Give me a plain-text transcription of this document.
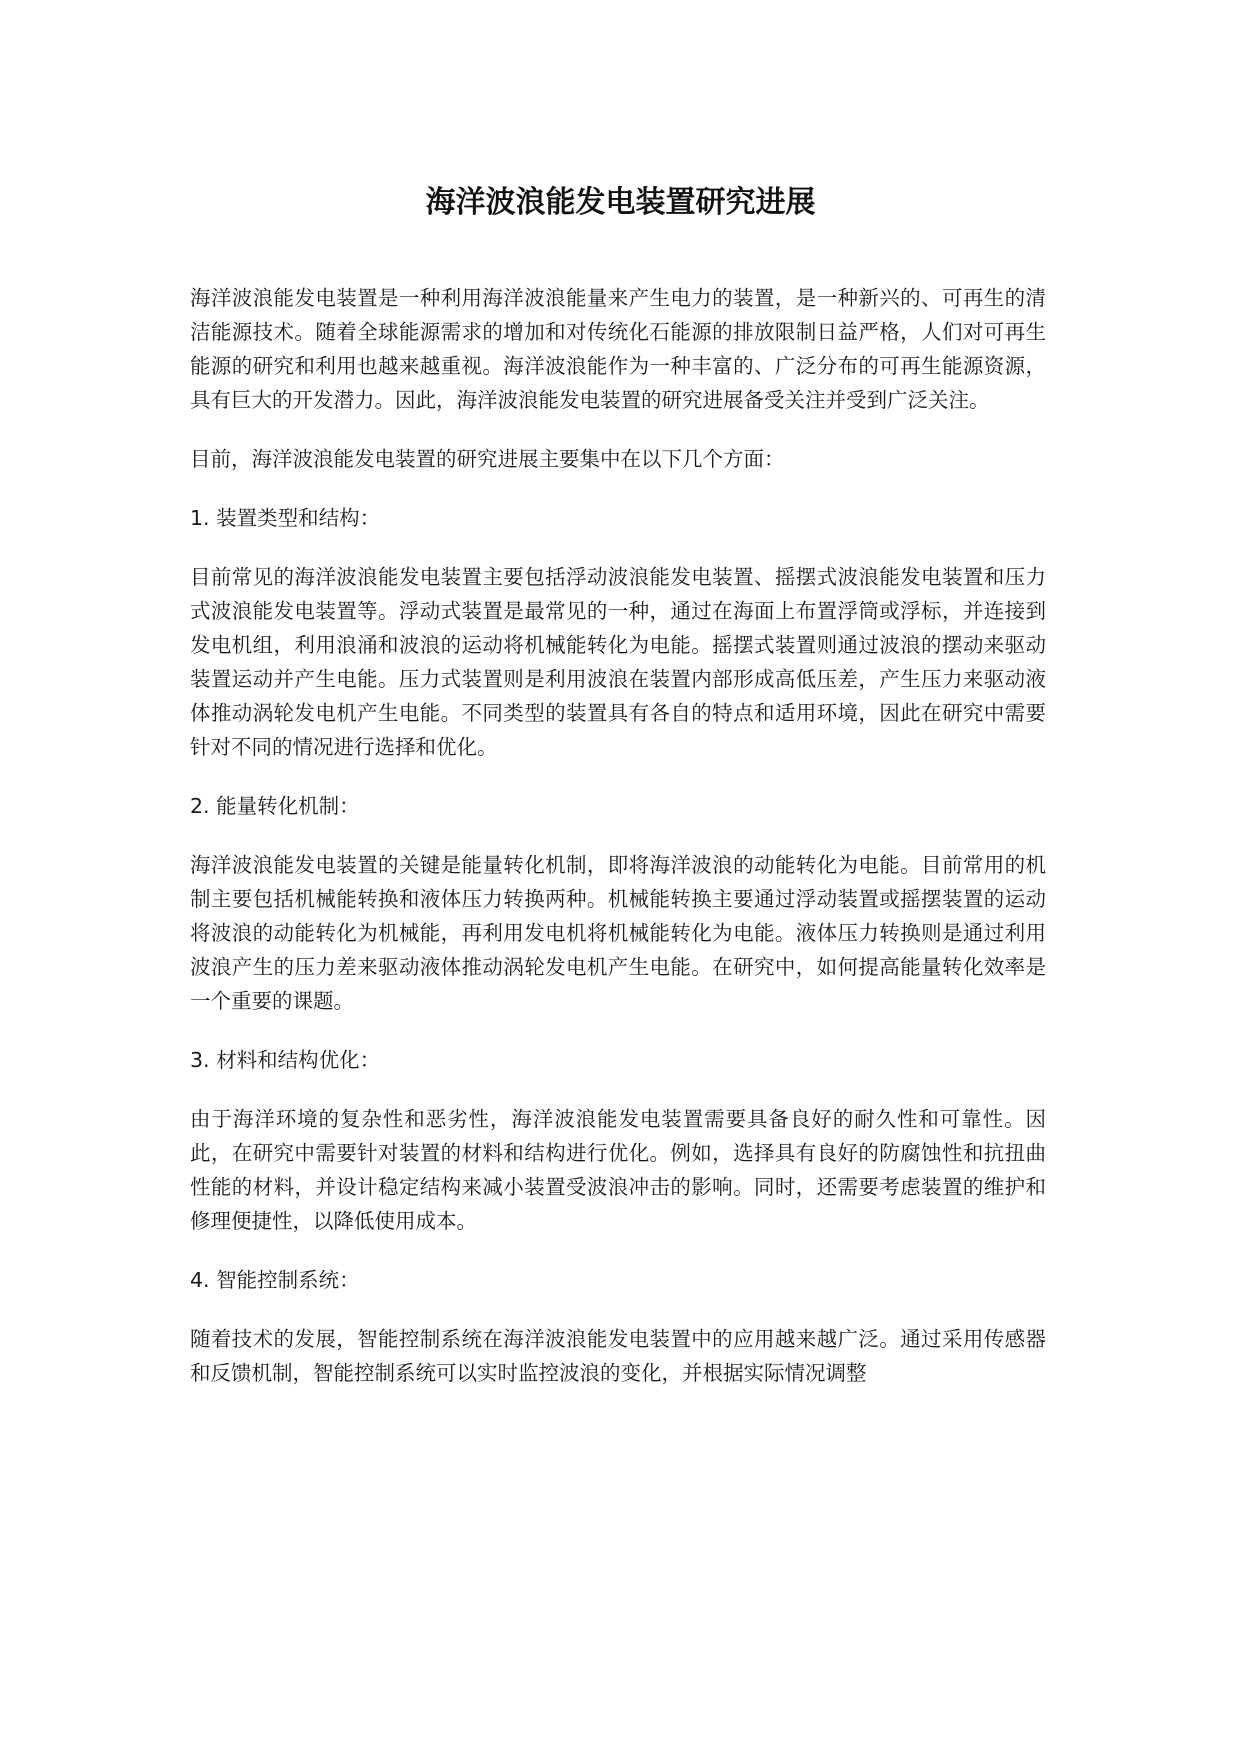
海洋波浪能发电装置研究进展

海洋波浪能发电装置是一种利用海洋波浪能量来产生电力的装置，是一种新兴的、可再生的清洁能源技术。随着全球能源需求的增加和对传统化石能源的排放限制日益严格，人们对可再生能源的研究和利用也越来越重视。海洋波浪能作为一种丰富的、广泛分布的可再生能源资源，具有巨大的开发潜力。因此，海洋波浪能发电装置的研究进展备受关注并受到广泛关注。

目前，海洋波浪能发电装置的研究进展主要集中在以下几个方面：

1. 装置类型和结构：

目前常见的海洋波浪能发电装置主要包括浮动波浪能发电装置、摇摆式波浪能发电装置和压力式波浪能发电装置等。浮动式装置是最常见的一种，通过在海面上布置浮筒或浮标，并连接到发电机组，利用浪涌和波浪的运动将机械能转化为电能。摇摆式装置则通过波浪的摆动来驱动装置运动并产生电能。压力式装置则是利用波浪在装置内部形成高低压差，产生压力来驱动液体推动涡轮发电机产生电能。不同类型的装置具有各自的特点和适用环境，因此在研究中需要针对不同的情况进行选择和优化。

2. 能量转化机制：

海洋波浪能发电装置的关键是能量转化机制，即将海洋波浪的动能转化为电能。目前常用的机制主要包括机械能转换和液体压力转换两种。机械能转换主要通过浮动装置或摇摆装置的运动将波浪的动能转化为机械能，再利用发电机将机械能转化为电能。液体压力转换则是通过利用波浪产生的压力差来驱动液体推动涡轮发电机产生电能。在研究中，如何提高能量转化效率是一个重要的课题。

3. 材料和结构优化：

由于海洋环境的复杂性和恶劣性，海洋波浪能发电装置需要具备良好的耐久性和可靠性。因此，在研究中需要针对装置的材料和结构进行优化。例如，选择具有良好的防腐蚀性和抗扭曲性能的材料，并设计稳定结构来减小装置受波浪冲击的影响。同时，还需要考虑装置的维护和修理便捷性，以降低使用成本。

4. 智能控制系统：

随着技术的发展，智能控制系统在海洋波浪能发电装置中的应用越来越广泛。通过采用传感器和反馈机制，智能控制系统可以实时监控波浪的变化，并根据实际情况调整
